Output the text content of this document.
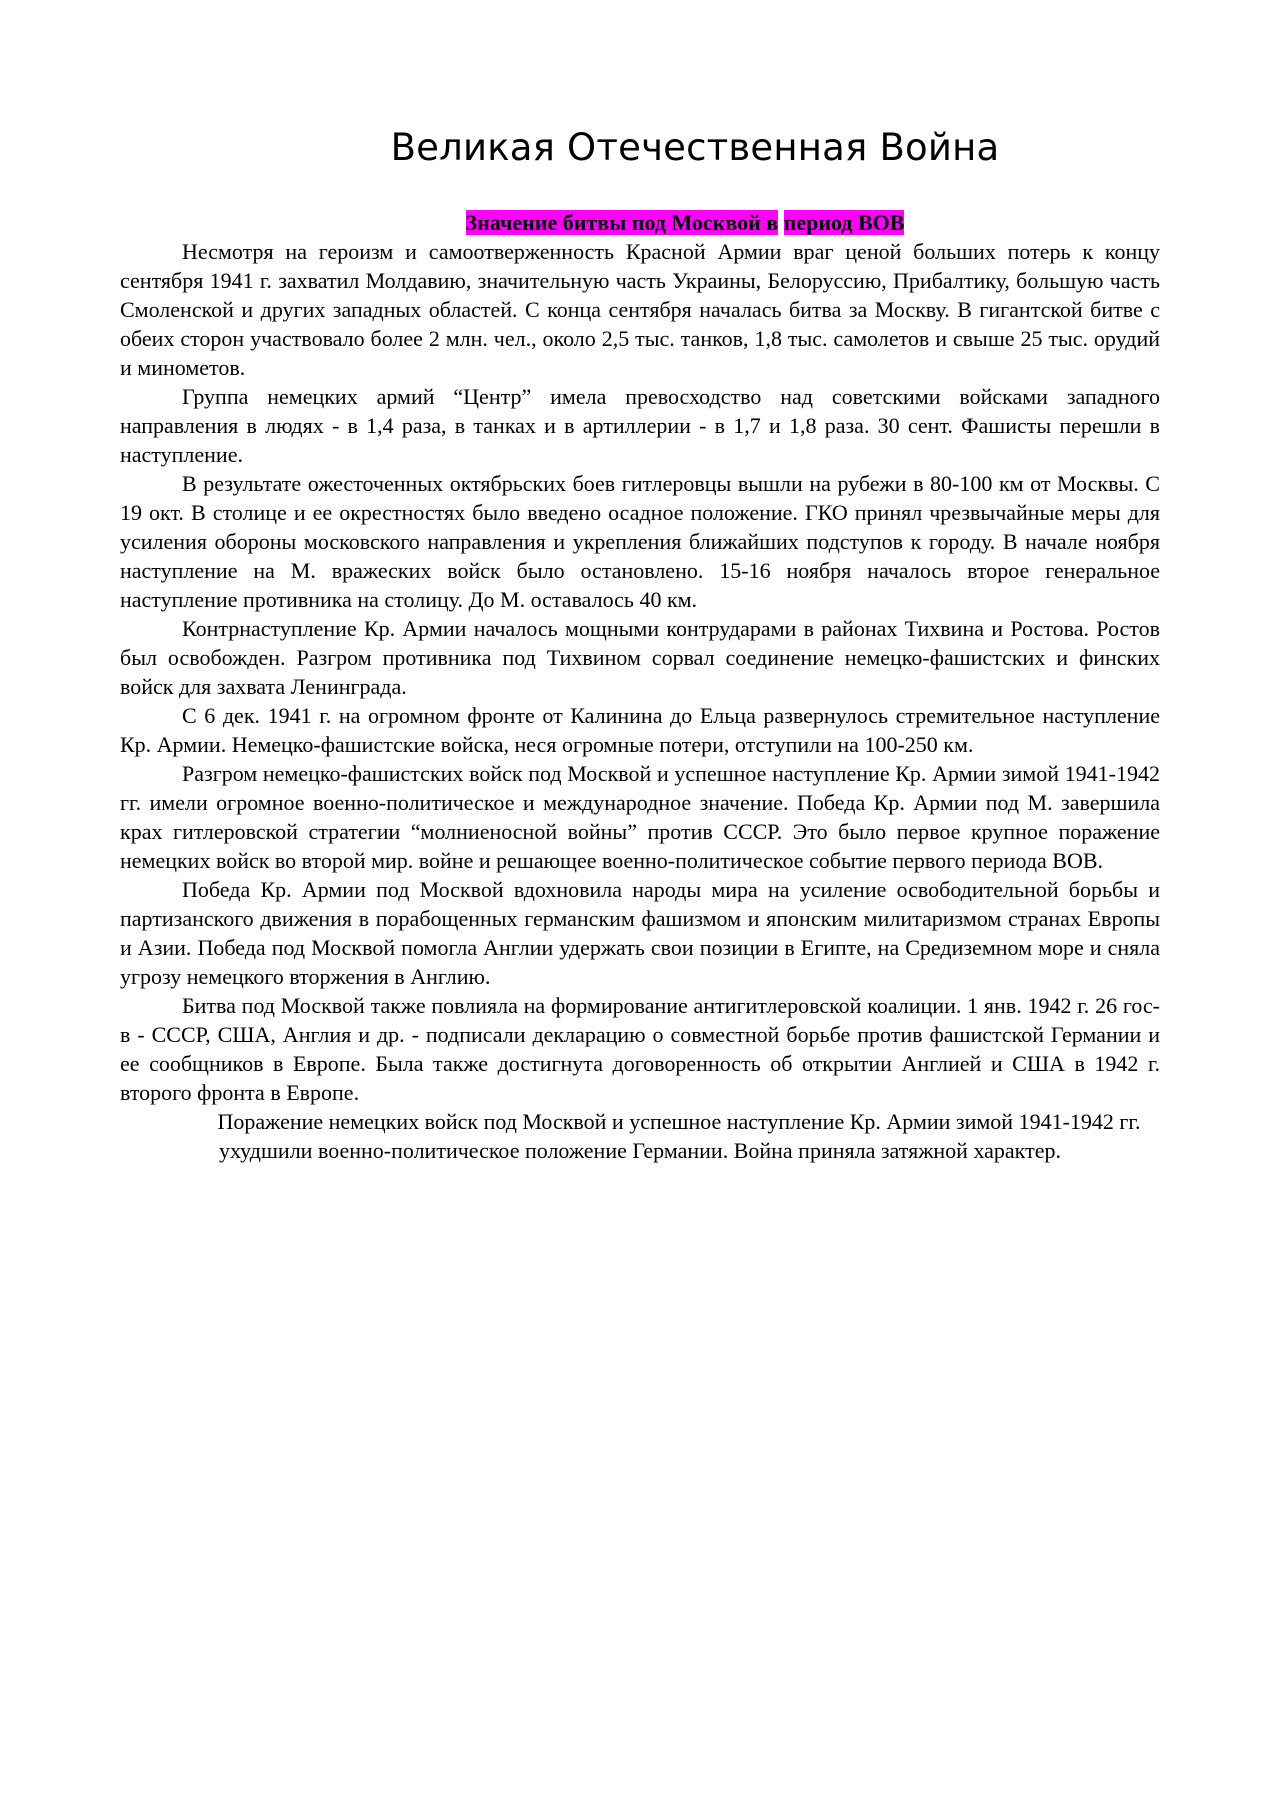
Великая Отечественная Война
Значение битвы под Москвой в период ВОВ

Несмотря на героизм и самоотверженность Красной Армии враг ценой больших потерь к концу сентября 1941 г. захватил Молдавию, значительную часть Украины, Белоруссию, Прибалтику, большую часть Смоленской и других западных областей. С конца сентября началась битва за Москву. В гигантской битве с обеих сторон участвовало более 2 млн. чел., около 2,5 тыс. танков, 1,8 тыс. самолетов и свыше 25 тыс. орудий и минометов.

Группа немецких армий “Центр” имела превосходство над советскими войсками западного направления в людях - в 1,4 раза, в танках и в артиллерии - в 1,7 и 1,8 раза. 30 сент. Фашисты перешли в наступление.

В результате ожесточенных октябрьских боев гитлеровцы вышли на рубежи в 80-100 км от Москвы. С 19 окт. В столице и ее окрестностях было введено осадное положение. ГКО принял чрезвычайные меры для усиления обороны московского направления и укрепления ближайших подступов к городу. В начале ноября наступление на М. вражеских войск было остановлено. 15-16 ноября началось второе генеральное наступление противника на столицу. До М. оставалось 40 км.

Контрнаступление Кр. Армии началось мощными контрударами в районах Тихвина и Ростова. Ростов был освобожден. Разгром противника под Тихвином сорвал соединение немецко-фашистских и финских войск для захвата Ленинграда.

С 6 дек. 1941 г. на огромном фронте от Калинина до Ельца развернулось стремительное наступление Кр. Армии. Немецко-фашистские войска, неся огромные потери, отступили на 100-250 км.

Разгром немецко-фашистских войск под Москвой и успешное наступление Кр. Армии зимой 1941-1942 гг. имели огромное военно-политическое и международное значение. Победа Кр. Армии под М. завершила крах гитлеровской стратегии “молниеносной войны” против СССР. Это было первое крупное поражение немецких войск во второй мир. войне и решающее военно-политическое событие первого периода ВОВ.

Победа Кр. Армии под Москвой вдохновила народы мира на усиление освободительной борьбы и партизанского движения в порабощенных германским фашизмом и японским милитаризмом странах Европы и Азии. Победа под Москвой помогла Англии удержать свои позиции в Египте, на Средиземном море и сняла угрозу немецкого вторжения в Англию.

Битва под Москвой также повлияла на формирование антигитлеровской коалиции. 1 янв. 1942 г. 26 гос-в - СССР, США, Англия и др. - подписали декларацию о совместной борьбе против фашистской Германии и ее сообщников в Европе. Была также достигнута договоренность об открытии Англией и США в 1942 г. второго фронта в Европе.

Поражение немецких войск под Москвой и успешное наступление Кр. Армии зимой 1941-1942 гг. ухудшили военно-политическое положение Германии. Война приняла затяжной характер.
